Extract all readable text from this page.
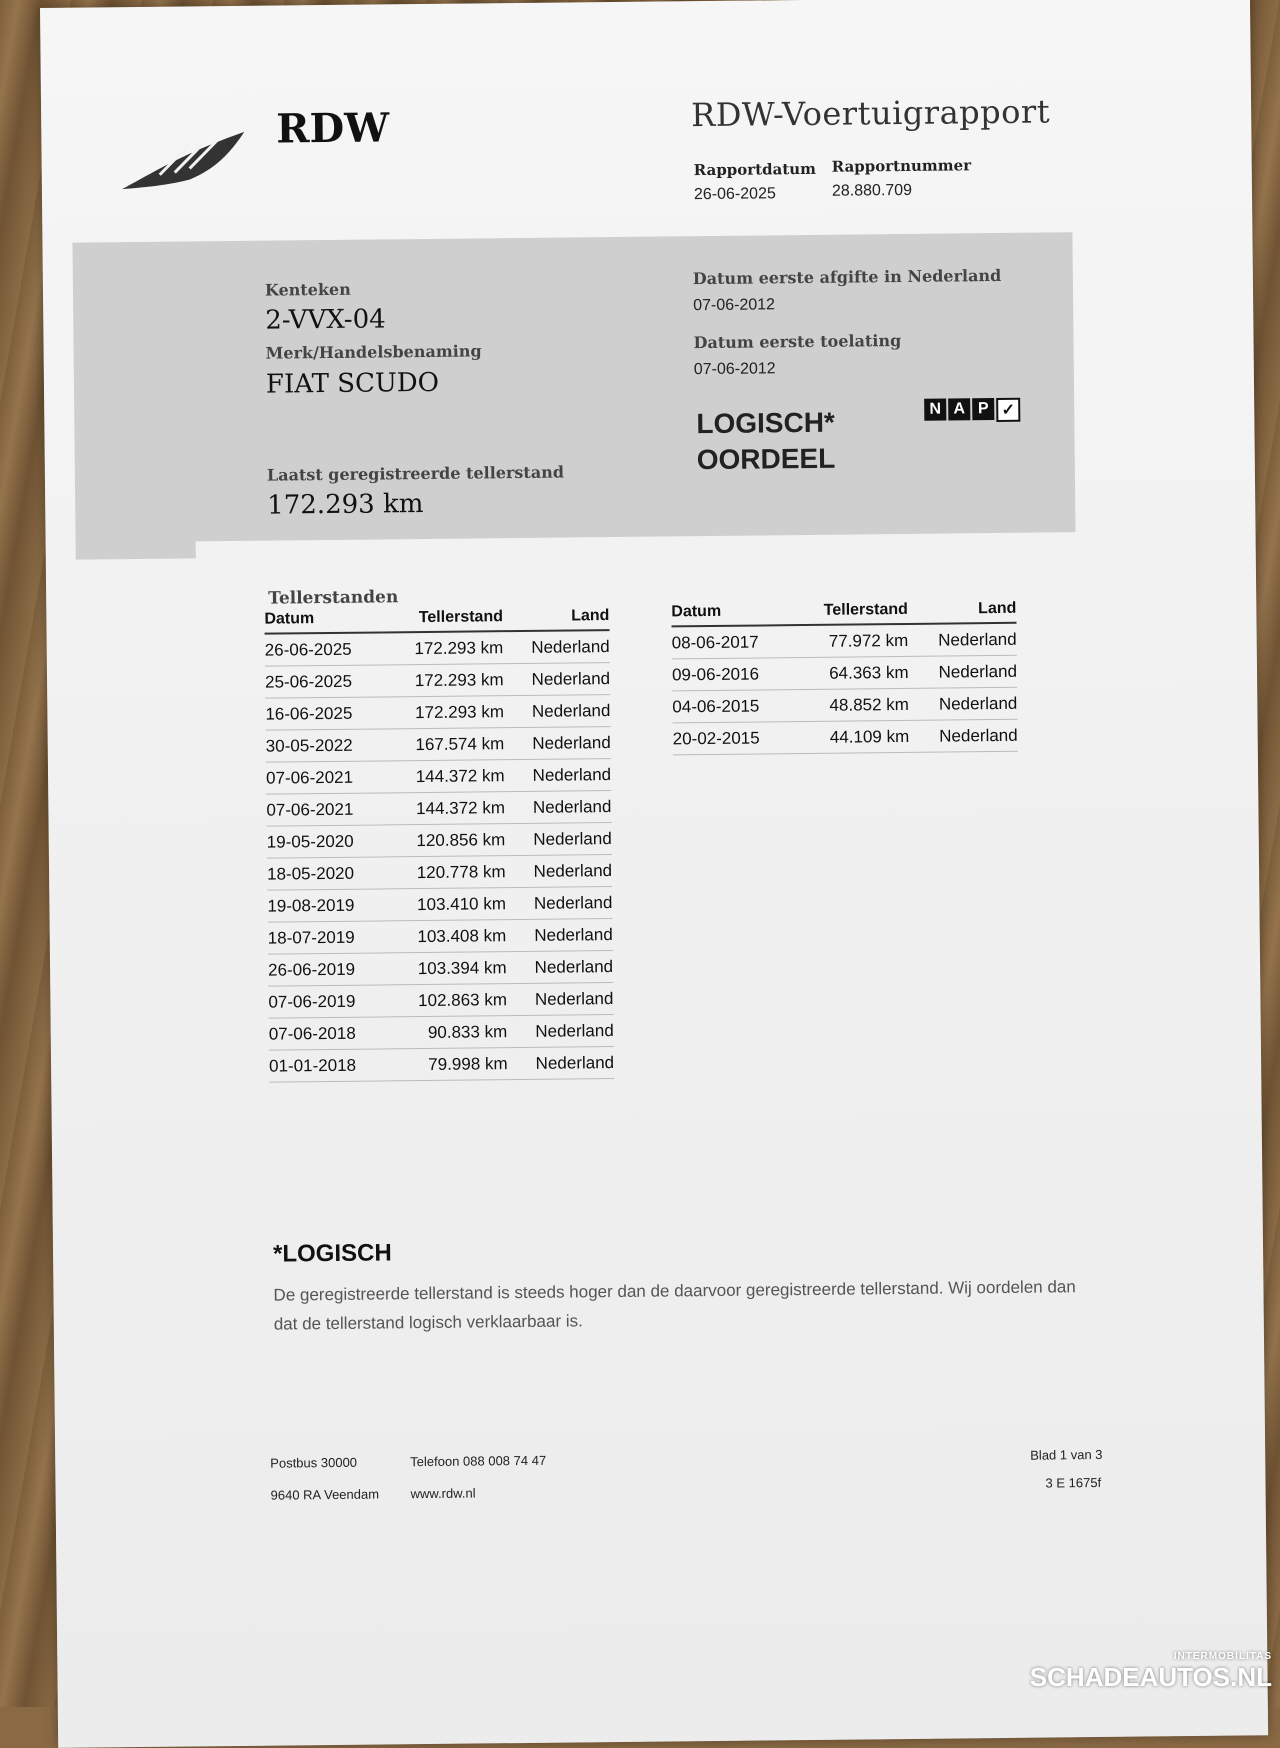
RDW	RDW-Voertuigrapport
Rapportdatum
26-06-2025
Rapportnummer
28.880.709
Kenteken
2-VVX-04
Merk/Handelsbenaming
FIAT SCUDO
Laatst geregistreerde tellerstand
172.293 km
Datum eerste afgifte in Nederland
07-06-2012
Datum eerste toelating
07-06-2012
LOGISCH*
OORDEEL
N A P ✓
Tellerstanden
Datum	Tellerstand	Land
26-06-2025	172.293 km	Nederland
25-06-2025	172.293 km	Nederland
16-06-2025	172.293 km	Nederland
30-05-2022	167.574 km	Nederland
07-06-2021	144.372 km	Nederland
07-06-2021	144.372 km	Nederland
19-05-2020	120.856 km	Nederland
18-05-2020	120.778 km	Nederland
19-08-2019	103.410 km	Nederland
18-07-2019	103.408 km	Nederland
26-06-2019	103.394 km	Nederland
07-06-2019	102.863 km	Nederland
07-06-2018	90.833 km	Nederland
01-01-2018	79.998 km	Nederland
Datum	Tellerstand	Land
08-06-2017	77.972 km	Nederland
09-06-2016	64.363 km	Nederland
04-06-2015	48.852 km	Nederland
20-02-2015	44.109 km	Nederland
*LOGISCH
De geregistreerde tellerstand is steeds hoger dan de daarvoor geregistreerde tellerstand. Wij oordelen dan dat de tellerstand logisch verklaarbaar is.
Postbus 30000
9640 RA Veendam
Telefoon 088 008 74 47
www.rdw.nl
Blad 1 van 3
3 E 1675f
INTERMOBILITAS
SCHADEAUTOS.NL
